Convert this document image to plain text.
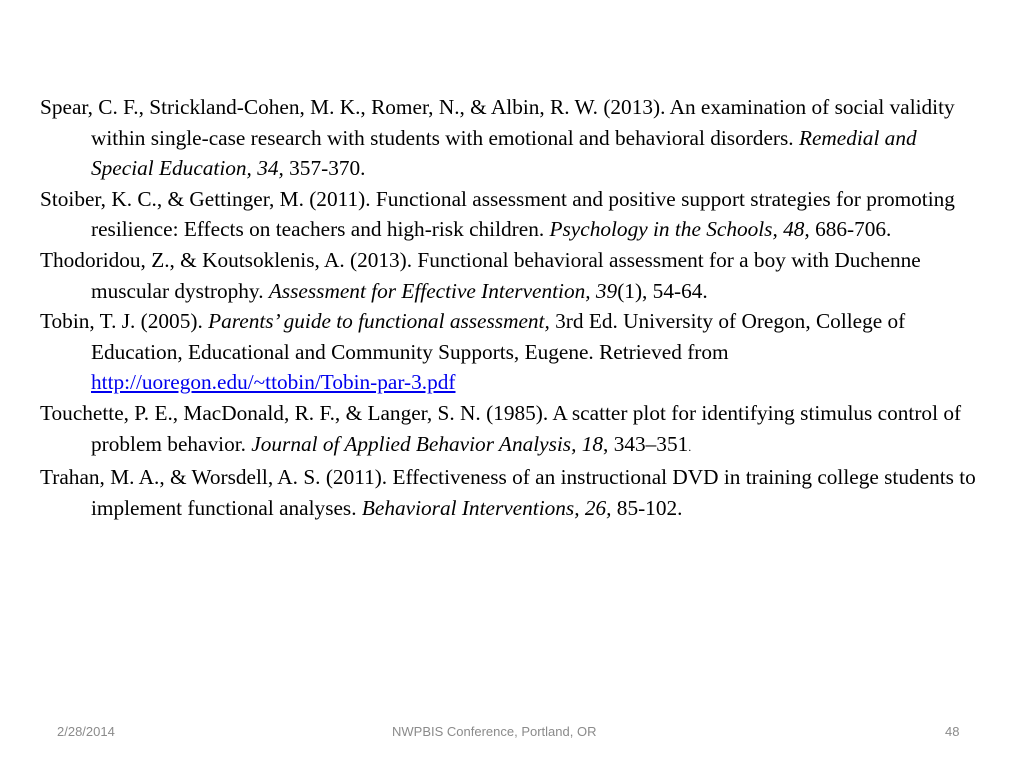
Spear, C. F., Strickland-Cohen, M. K., Romer, N., & Albin, R. W. (2013). An examination of social validity within single-case research with students with emotional and behavioral disorders. Remedial and Special Education, 34, 357-370.
Stoiber, K. C., & Gettinger, M. (2011). Functional assessment and positive support strategies for promoting resilience: Effects on teachers and high-risk children. Psychology in the Schools, 48, 686-706.
Thodoridou, Z., & Koutsoklenis, A. (2013). Functional behavioral assessment for a boy with Duchenne muscular dystrophy. Assessment for Effective Intervention, 39(1), 54-64.
Tobin, T. J. (2005). Parents’ guide to functional assessment, 3rd Ed. University of Oregon, College of Education, Educational and Community Supports, Eugene. Retrieved from http://uoregon.edu/~ttobin/Tobin-par-3.pdf
Touchette, P. E., MacDonald, R. F., & Langer, S. N. (1985). A scatter plot for identifying stimulus control of problem behavior. Journal of Applied Behavior Analysis, 18, 343–351.
Trahan, M. A., & Worsdell, A. S. (2011). Effectiveness of an instructional DVD in training college students to implement functional analyses. Behavioral Interventions, 26, 85-102.
2/28/2014	NWPBIS Conference, Portland, OR	48
